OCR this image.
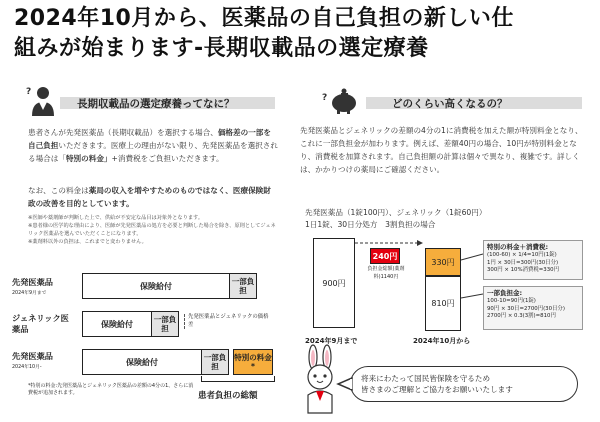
2024年10月から、医薬品の自己負担の新しい仕
組みが始まります-長期収載品の選定療養
?
長期収載品の選定療養ってなに？
患者さんが先発医薬品（長期収載品）を選択する場合、価格差の一部を自己負担いただきます。医療上の理由がない限り、先発医薬品を選択される場合は「特別の料金」+消費税をご負担いただきます。
なお、この料金は薬局の収入を増やすためのものではなく、医療保険財政の改善を目的としています。
※医師や薬剤師が判断した上で、供給が不安定な品目は対象外となります。
※患者様の医学的な理由により、医師が先発医薬品の処方を必要と判断した場合を除き、原則としてジェネリック医薬品を選んでいただくことになります。
※薬剤料以外の負担は、これまでと変わりません。
先発医薬品
2024年9月まで
保険給付	一部負担
ジェネリック医薬品	保険給付	一部負担
先発医薬品とジェネリックの価格差
先発医薬品
2024年10月-
保険給付	一部負担
特別の料金*
*特別の料金:先発医薬品とジェネリック医薬品の差額の4分の1、さらに消費税が追加されます。	患者負担の総額
?	どのくらい高くなるの？
先発医薬品とジェネリックの差額の4分の1に消費税を加えた額が特別料金となり、これに一部負担金が加わります。例えば、差額40円の場合、10円が特別料金となり、消費税を加算されます。自己負担額の計算は個々で異なり、複雑です。詳しくは、かかりつけの薬局にご確認ください。
先発医薬品（1錠100円）、ジェネリック（1錠60円）
1日1錠、30日分処方　3割負担の場合
900円
240円
負担金総額(薬剤料)1140円
330円
810円
2024年9月まで	2024年10月から
特別の料金＋消費税:
(100-60) × 1/4=10円(1錠)
1円 × 30日=300円(30日分)
300円 × 10%消費税=330円
一部負担金:
100-10=90円(1錠)
90円 × 30日=2700円(30日分)
2700円 × 0.3(3割)=810円
将来にわたって国民皆保険を守るため
皆さまのご理解とご協力をお願いいたします
